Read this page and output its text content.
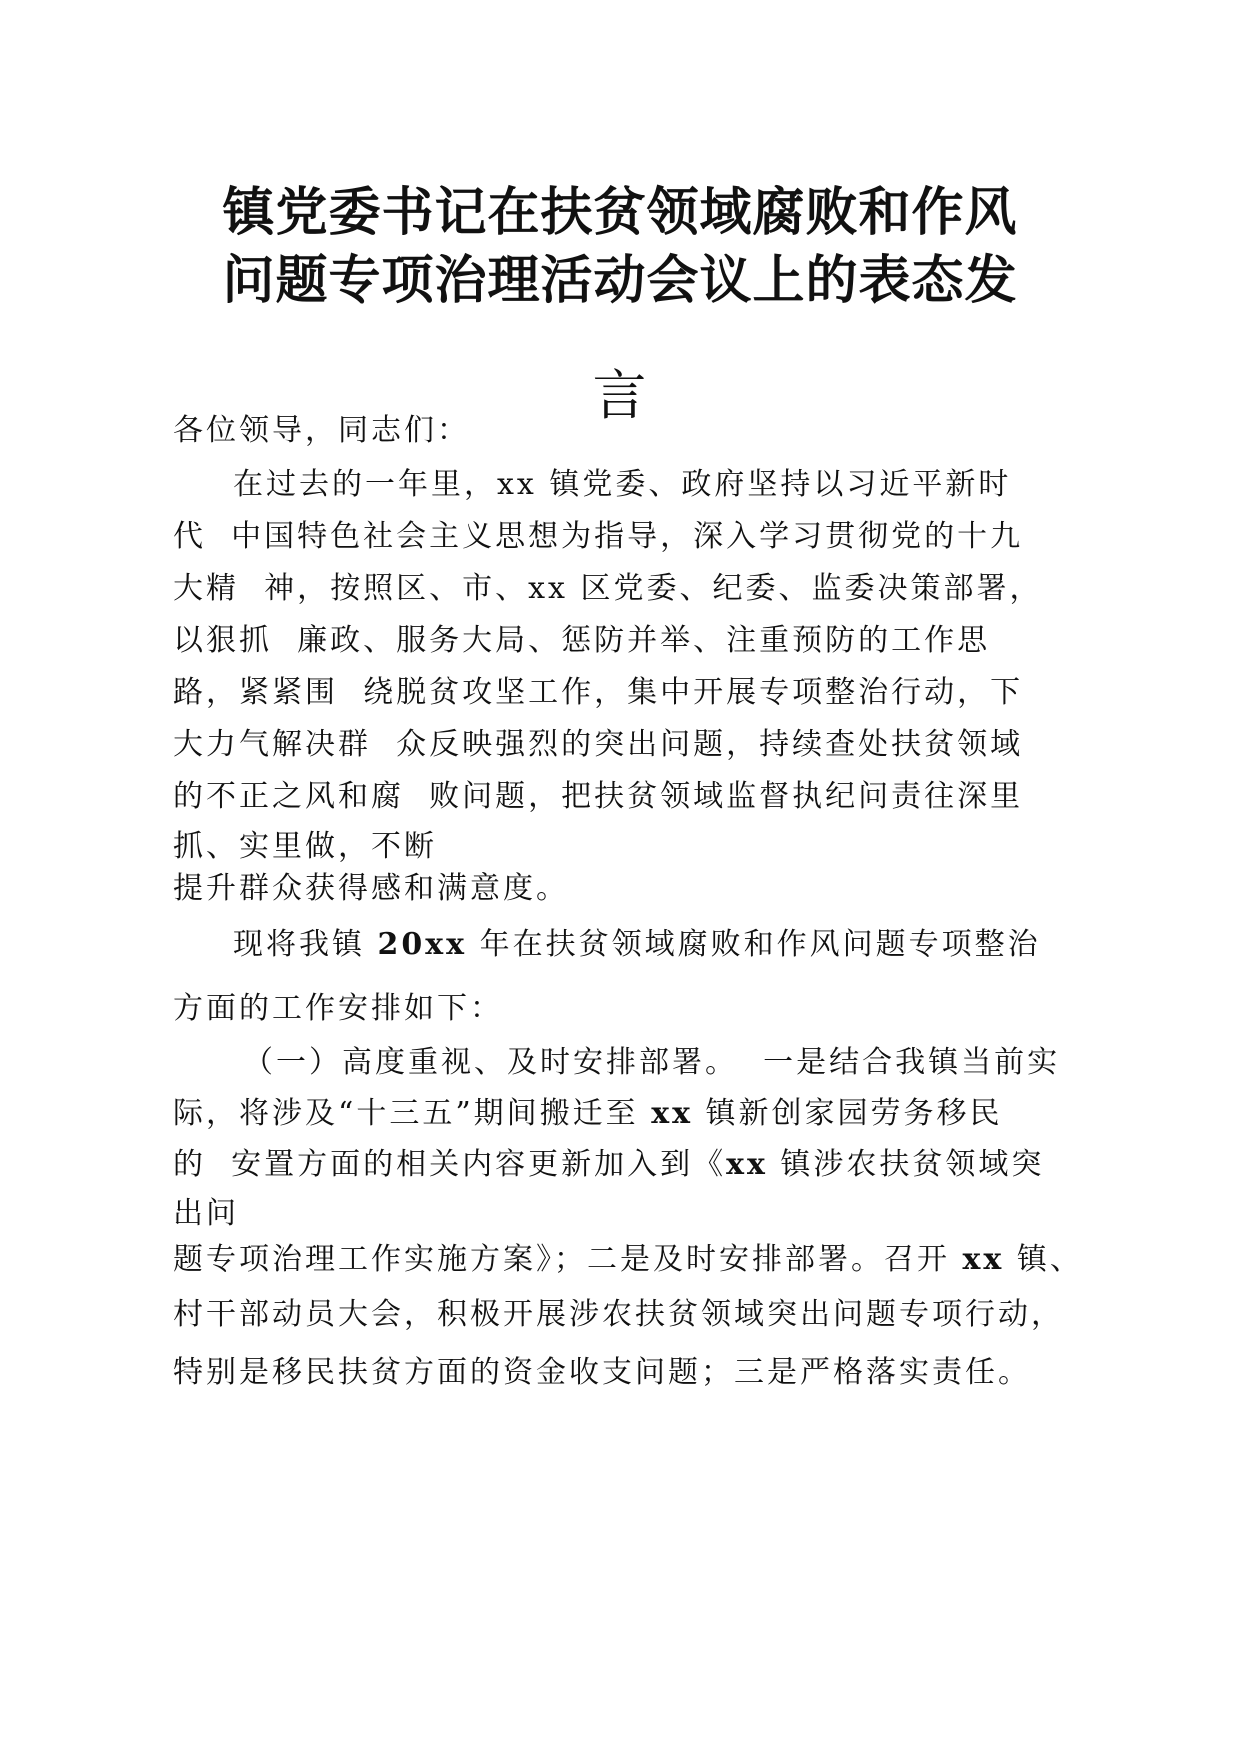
镇党委书记在扶贫领域腐败和作风
问题专项治理活动会议上的表态发
言
各位领导，同志们：
在过去的一年里，xx 镇党委、政府坚持以习近平新时
代  中国特色社会主义思想为指导，深入学习贯彻党的十九
大精  神，按照区、市、xx 区党委、纪委、监委决策部署，
以狠抓  廉政、服务大局、惩防并举、注重预防的工作思
路，紧紧围  绕脱贫攻坚工作，集中开展专项整治行动，下
大力气解决群  众反映强烈的突出问题，持续查处扶贫领域
的不正之风和腐  败问题，把扶贫领域监督执纪问责往深里
抓、实里做，不断
提升群众获得感和满意度。
现将我镇 20xx 年在扶贫领域腐败和作风问题专项整治
方面的工作安排如下：
（一）高度重视、及时安排部署。  一是结合我镇当前实
际，将涉及“十三五”期间搬迁至 xx 镇新创家园劳务移民
的  安置方面的相关内容更新加入到《xx 镇涉农扶贫领域突
出问
题专项治理工作实施方案》；二是及时安排部署。召开 xx 镇、
村干部动员大会，积极开展涉农扶贫领域突出问题专项行动，
特别是移民扶贫方面的资金收支问题；三是严格落实责任。
